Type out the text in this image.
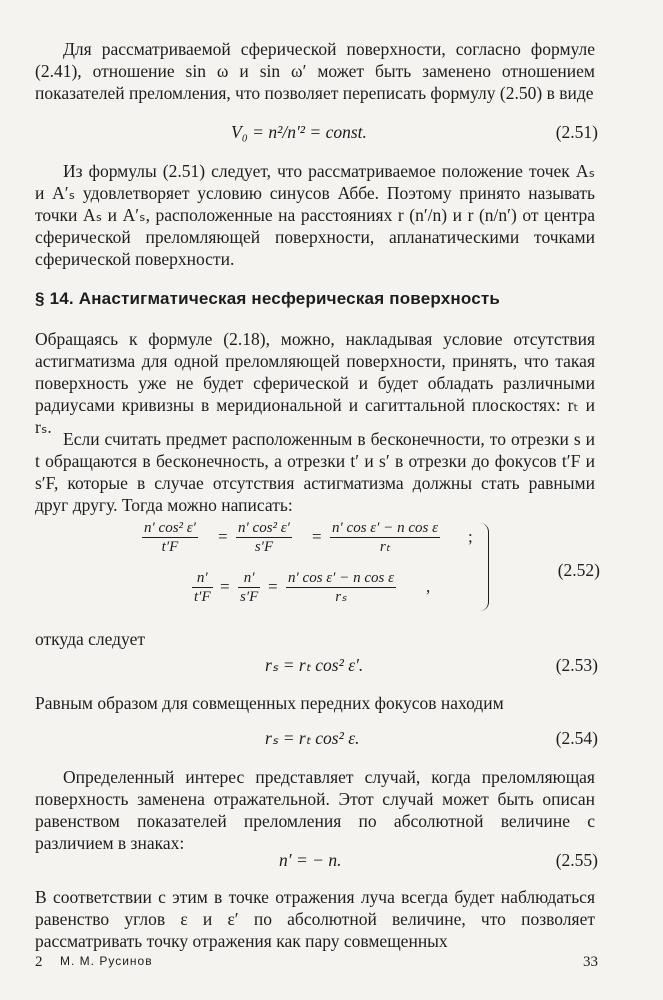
Для рассматриваемой сферической поверхности, согласно формуле (2.41), отношение sin ω и sin ω′ может быть заменено отношением показателей преломления, что позволяет переписать формулу (2.50) в виде

V₀ = n²/n′² = const.	(2.51)

Из формулы (2.51) следует, что рассматриваемое положение точек Aₛ и A′ₛ удовлетворяет условию синусов Аббе. Поэтому принято называть точки Aₛ и A′ₛ, расположенные на расстояниях r (n′/n) и r (n/n′) от центра сферической преломляющей поверхности, апланатическими точками сферической поверхности.

§ 14. Анастигматическая несферическая поверхность

Обращаясь к формуле (2.18), можно, накладывая условие отсутствия астигматизма для одной преломляющей поверхности, принять, что такая поверхность уже не будет сферической и будет обладать различными радиусами кривизны в меридиональной и сагиттальной плоскостях: rₜ и rₛ.

Если считать предмет расположенным в бесконечности, то отрезки s и t обращаются в бесконечность, а отрезки t′ и s′ в отрезки до фокусов t′F и s′F, которые в случае отсутствия астигматизма должны стать равными друг другу. Тогда можно написать:

$\frac{\text{n′ cos² ε′}}{t'F} = \frac{\text{n′ cos² ε′}}{s'F} = \frac{\text{n′ cos ε′ − n cos ε}}{\text{rₜ}}$ ;
$\frac{n'}{t'F} = \frac{n'}{s'F} = \frac{\text{n′ cos ε′ − n cos ε}}{\text{rₛ}}$ ,
(2.52)

откуда следует

rₛ = rₜ cos² ε′.	(2.53)

Равным образом для совмещенных передних фокусов находим

rₛ = rₜ cos² ε.	(2.54)

Определенный интерес представляет случай, когда преломляющая поверхность заменена отражательной. Этот случай может быть описан равенством показателей преломления по абсолютной величине с различием в знаках:

n′ = − n.	(2.55)

В соответствии с этим в точке отражения луча всегда будет наблюдаться равенство углов ε и ε′ по абсолютной величине, что позволяет рассматривать точку отражения как пару совмещенных

2 М. М. Русинов	33
